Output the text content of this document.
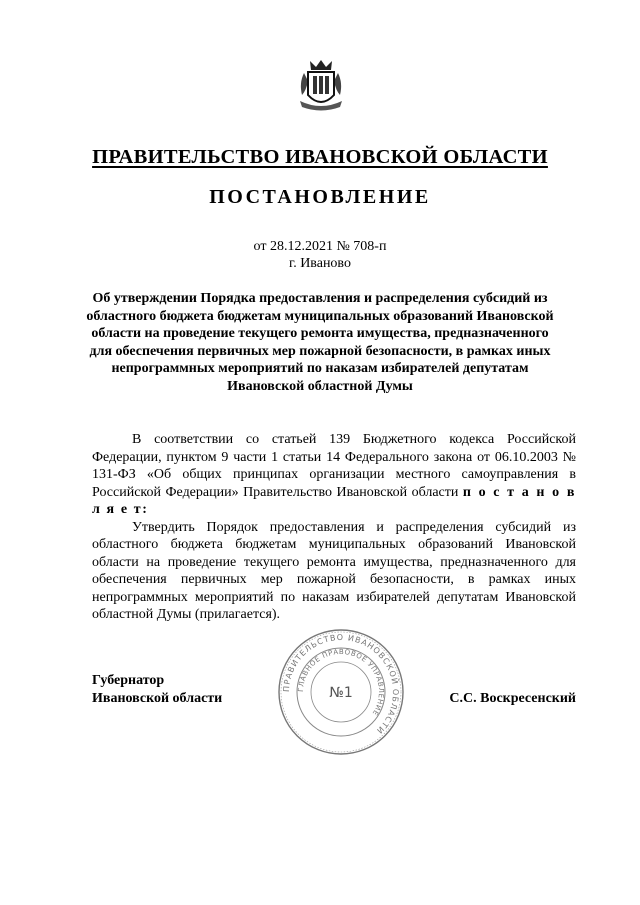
ПРАВИТЕЛЬСТВО ИВАНОВСКОЙ ОБЛАСТИ
ПОСТАНОВЛЕНИЕ
от 28.12.2021 № 708-п
г. Иваново
Об утверждении Порядка предоставления и распределения субсидий из областного бюджета бюджетам муниципальных образований Ивановской области на проведение текущего ремонта имущества, предназначенного для обеспечения первичных мер пожарной безопасности, в рамках иных непрограммных мероприятий по наказам избирателей депутатам Ивановской областной Думы

В соответствии со статьей 139 Бюджетного кодекса Российской Федерации, пунктом 9 части 1 статьи 14 Федерального закона от 06.10.2003 № 131-ФЗ «Об общих принципах организации местного самоуправления в Российской Федерации» Правительство Ивановской области п о с т а н о в л я е т:

Утвердить Порядок предоставления и распределения субсидий из областного бюджета бюджетам муниципальных образований Ивановской области на проведение текущего ремонта имущества, предназначенного для обеспечения первичных мер пожарной безопасности, в рамках иных непрограммных мероприятий по наказам избирателей депутатам Ивановской областной Думы (прилагается).

Губернатор
Ивановской области
ПРАВИТЕЛЬСТВО ИВАНОВСКОЙ ОБЛАСТИ
ГЛАВНОЕ ПРАВОВОЕ УПРАВЛЕНИЕ
№1	С.С. Воскресенский
